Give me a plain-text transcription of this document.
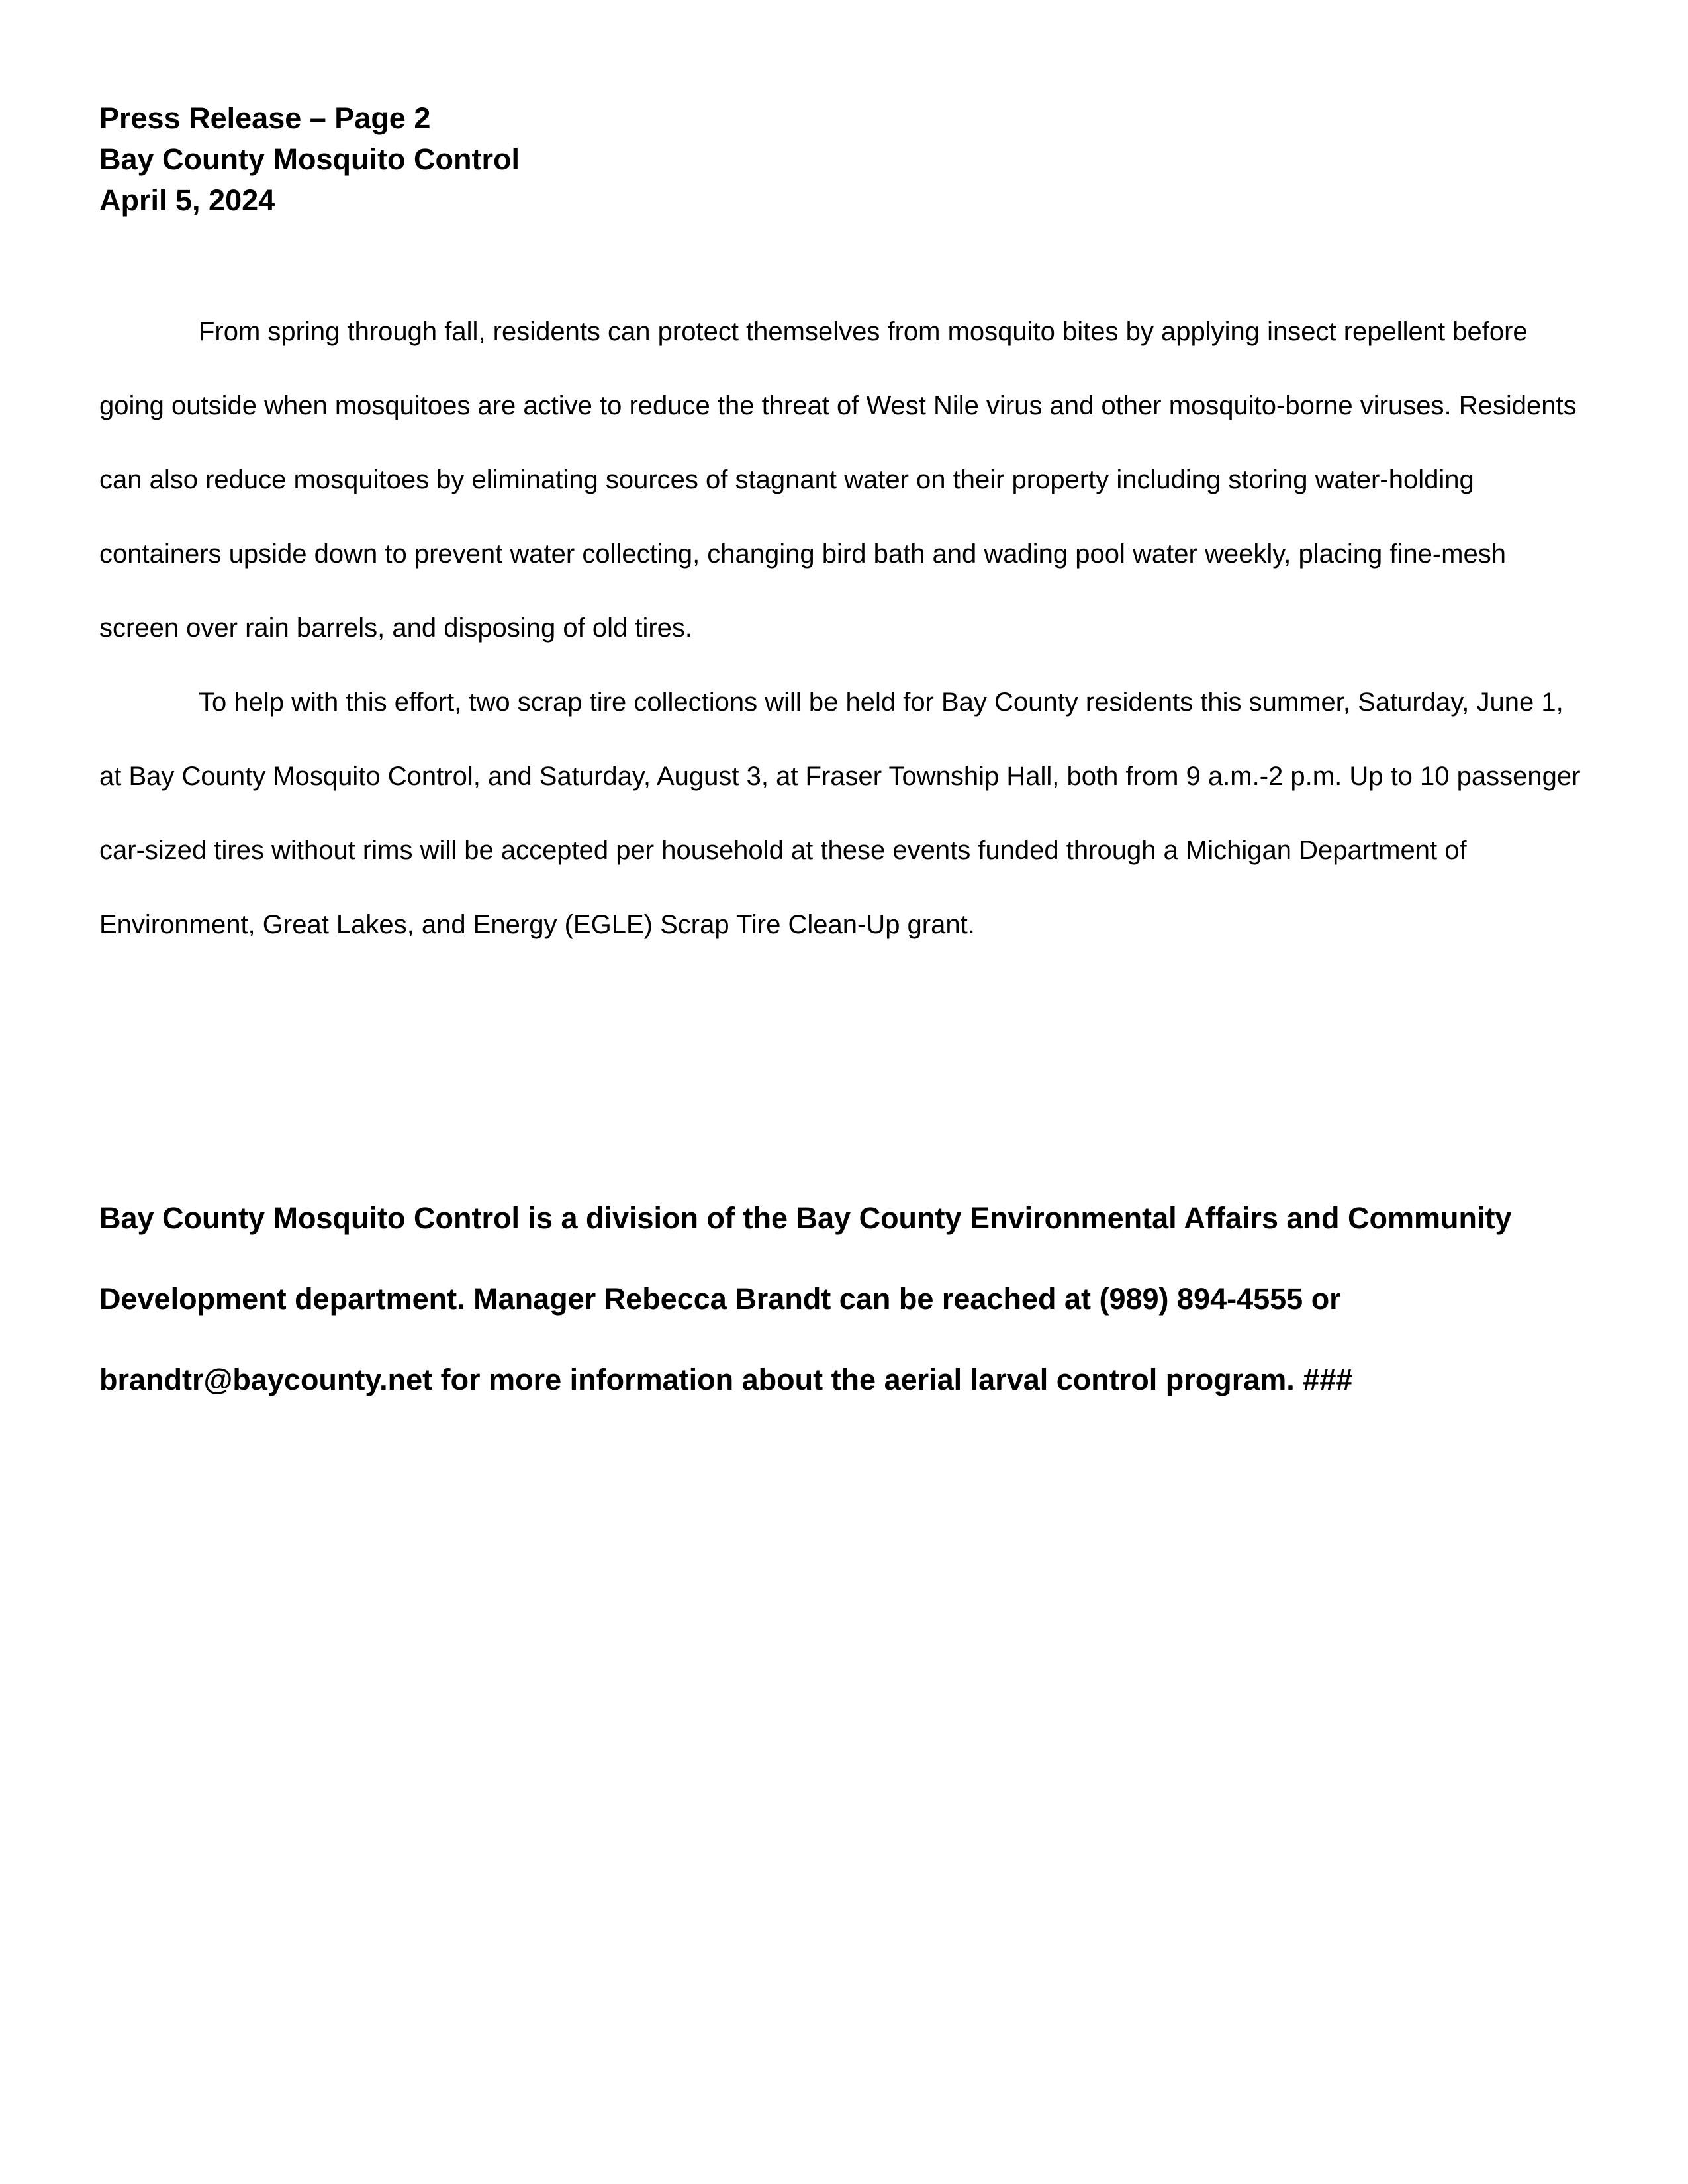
Press Release – Page 2
Bay County Mosquito Control
April 5, 2024

From spring through fall, residents can protect themselves from mosquito bites by applying insect repellent before going outside when mosquitoes are active to reduce the threat of West Nile virus and other mosquito-borne viruses. Residents can also reduce mosquitoes by eliminating sources of stagnant water on their property including storing water-holding containers upside down to prevent water collecting, changing bird bath and wading pool water weekly, placing fine-mesh screen over rain barrels, and disposing of old tires.

To help with this effort, two scrap tire collections will be held for Bay County residents this summer, Saturday, June 1, at Bay County Mosquito Control, and Saturday, August 3, at Fraser Township Hall, both from 9 a.m.-2 p.m. Up to 10 passenger car-sized tires without rims will be accepted per household at these events funded through a Michigan Department of Environment, Great Lakes, and Energy (EGLE) Scrap Tire Clean-Up grant.

Bay County Mosquito Control is a division of the Bay County Environmental Affairs and Community Development department. Manager Rebecca Brandt can be reached at (989) 894-4555 or brandtr@baycounty.net for more information about the aerial larval control program. ###
